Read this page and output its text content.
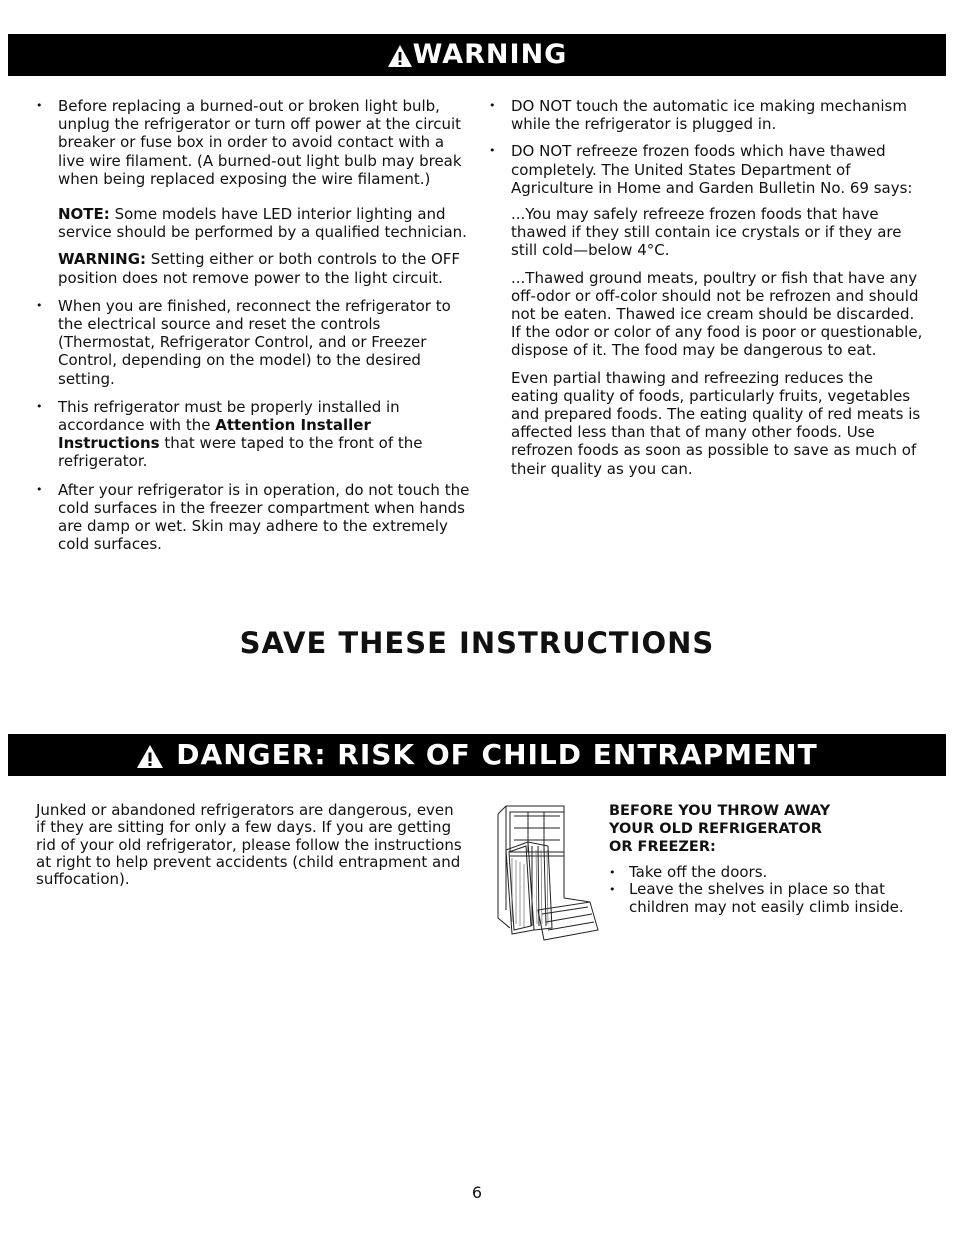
WARNING
• Before replacing a burned-out or broken light bulb, unplug the refrigerator or turn off power at the circuit breaker or fuse box in order to avoid contact with a live wire filament. (A burned-out light bulb may break when being replaced exposing the wire filament.)

NOTE: Some models have LED interior lighting and service should be performed by a qualified technician.

WARNING: Setting either or both controls to the OFF position does not remove power to the light circuit.

• When you are finished, reconnect the refrigerator to the electrical source and reset the controls (Thermostat, Refrigerator Control, and or Freezer Control, depending on the model) to the desired setting.
• This refrigerator must be properly installed in accordance with the Attention Installer Instructions that were taped to the front of the refrigerator.
• After your refrigerator is in operation, do not touch the cold surfaces in the freezer compartment when hands are damp or wet. Skin may adhere to the extremely cold surfaces.
• DO NOT touch the automatic ice making mechanism while the refrigerator is plugged in.
• DO NOT refreeze frozen foods which have thawed completely. The United States Department of Agriculture in Home and Garden Bulletin No. 69 says:

...You may safely refreeze frozen foods that have thawed if they still contain ice crystals or if they are still cold—below 4°C.

...Thawed ground meats, poultry or fish that have any off-odor or off-color should not be refrozen and should not be eaten. Thawed ice cream should be discarded. If the odor or color of any food is poor or questionable, dispose of it. The food may be dangerous to eat.

Even partial thawing and refreezing reduces the eating quality of foods, particularly fruits, vegetables and prepared foods. The eating quality of red meats is affected less than that of many other foods. Use refrozen foods as soon as possible to save as much of their quality as you can.

SAVE THESE INSTRUCTIONS
DANGER: RISK OF CHILD ENTRAPMENT

Junked or abandoned refrigerators are dangerous, even if they are sitting for only a few days. If you are getting rid of your old refrigerator, please follow the instructions at right to help prevent accidents (child entrapment and suffocation).

BEFORE YOU THROW AWAY
YOUR OLD REFRIGERATOR
OR FREEZER:
• Take off the doors.
• Leave the shelves in place so that children may not easily climb inside.
6
